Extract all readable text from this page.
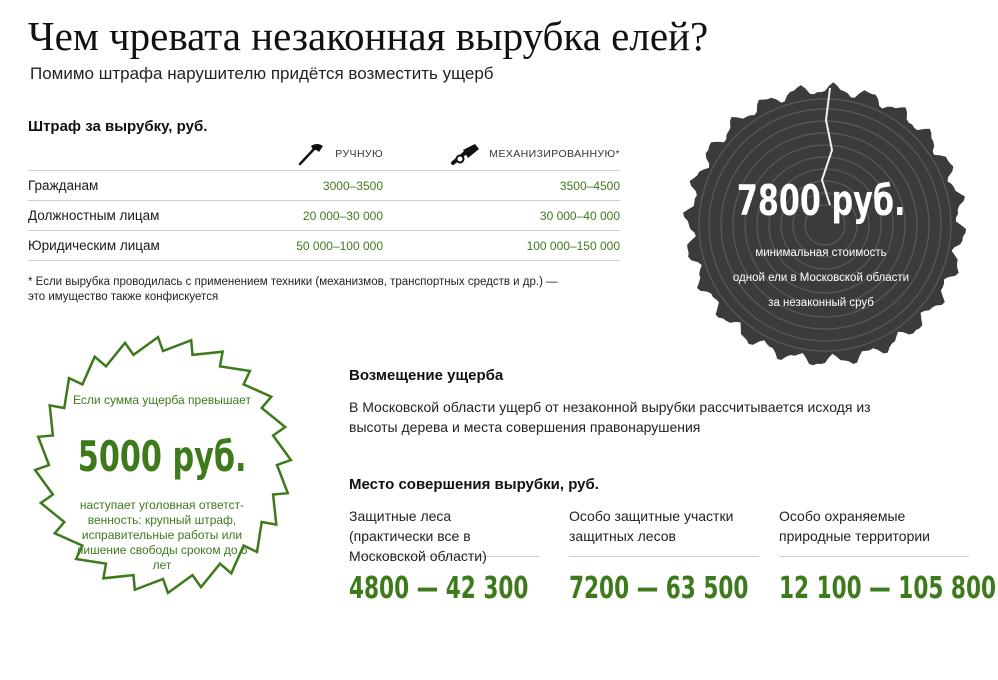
Чем чревата незаконная вырубка елей?
Помимо штрафа нарушителю придётся возместить ущерб
Штраф за вырубку, руб.

	РУЧНУЮ	МЕХАНИЗИРОВАННУЮ*

Гражданам	3000–3500	3500–4500
Должностным лицам	20 000–30 000	30 000–40 000
Юридическим лицам	50 000–100 000	100 000–150 000
* Если вырубка проводилась с применением техники (механизмов, транспортных средств и др.) — это имущество также конфискуется
7800 руб.
минимальная стоимость
одной ели в Московской области
за незаконный сруб
Если сумма ущерба превышает
5000 руб.
наступает уголовная ответст-венность: крупный штраф, исправительные работы или лишение свободы сроком до 6 лет
Возмещение ущерба
В Московской области ущерб от незаконной вырубки рассчитывается исходя из высоты дерева и места совершения правонарушения
Место совершения вырубки, руб.
Защитные леса (практически все в Московской области)
4800 — 42 300
Особо защитные участки защитных лесов
7200 — 63 500
Особо охраняемые природные территории
12 100 — 105 800
